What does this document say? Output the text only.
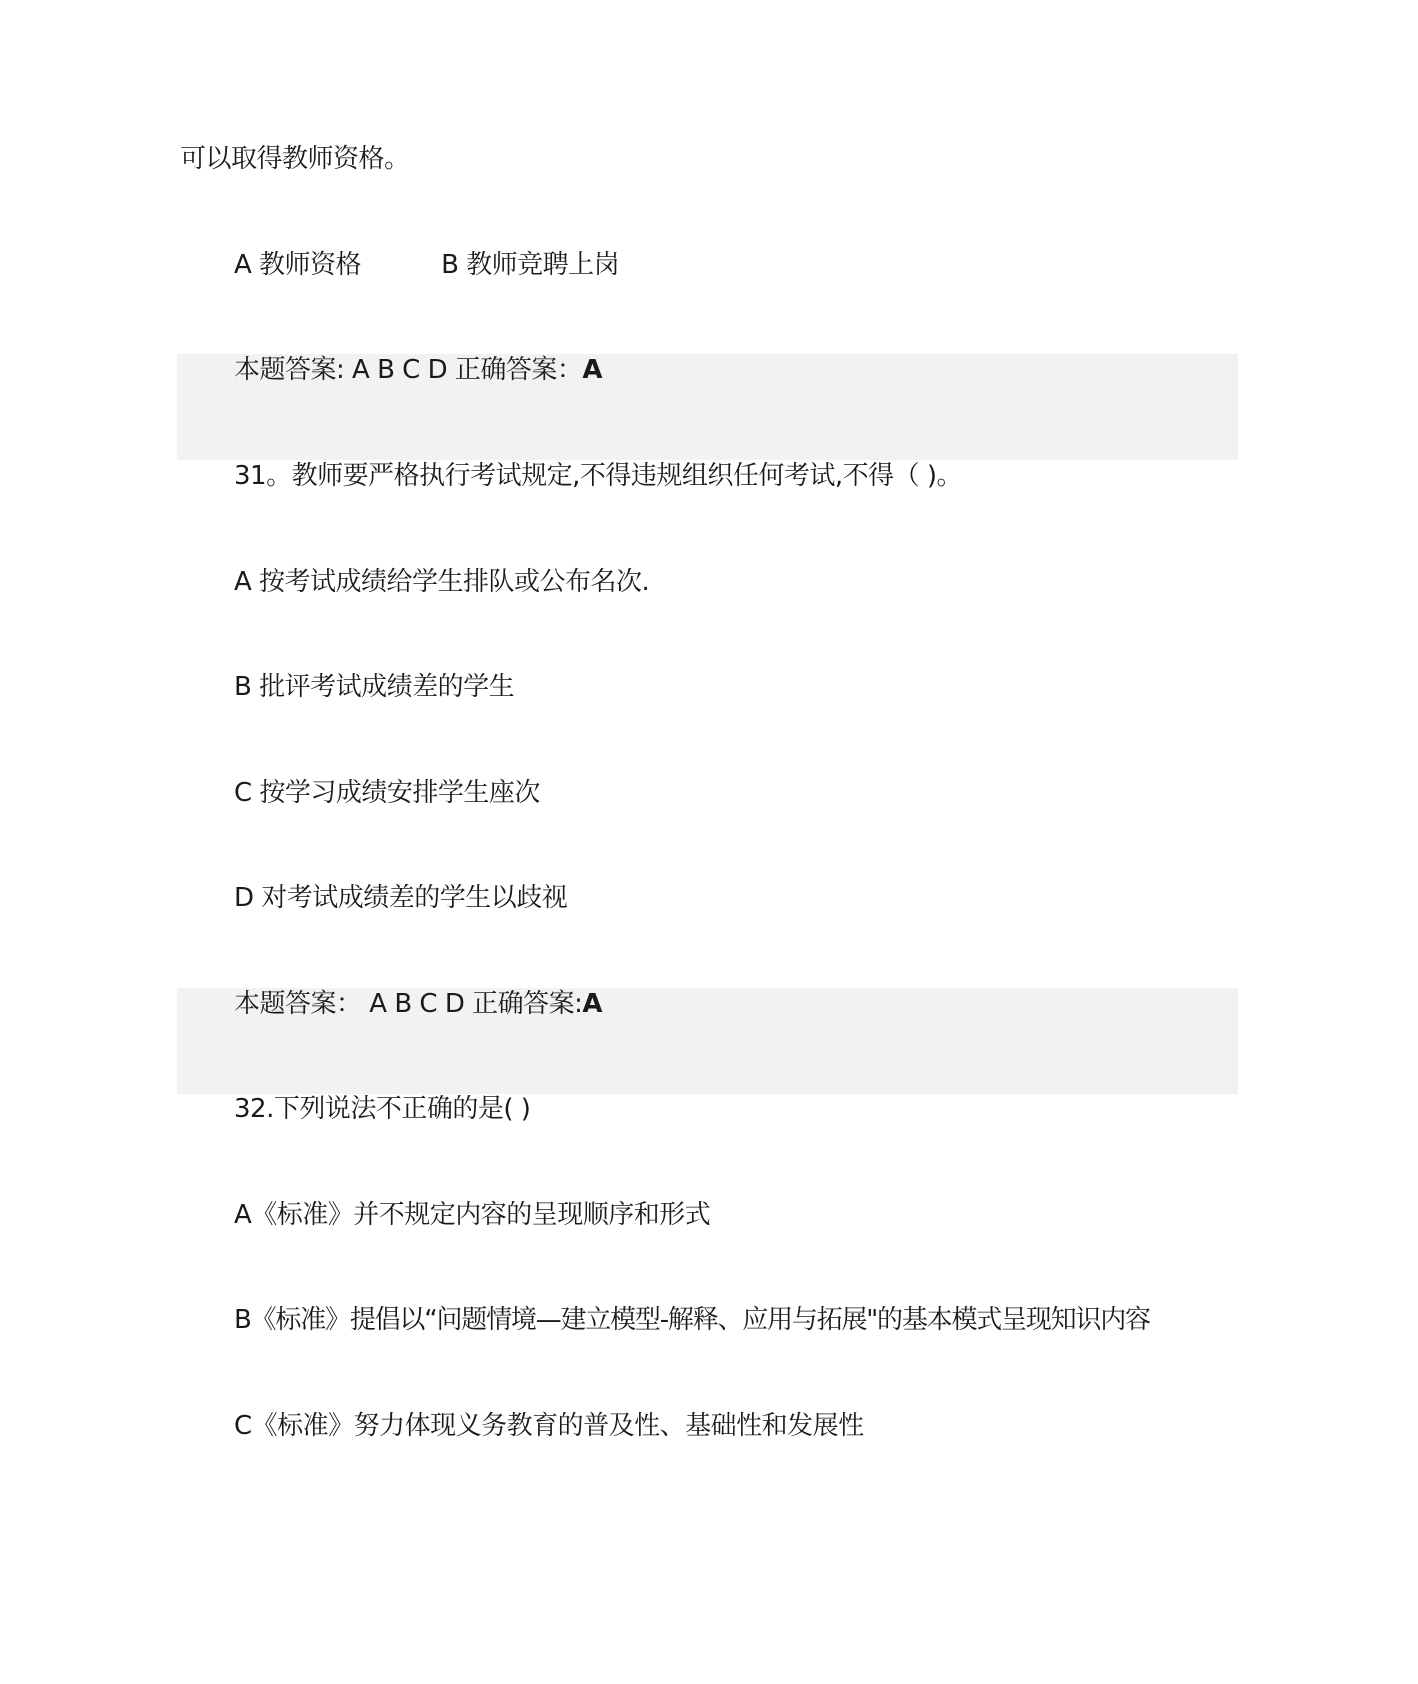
可以取得教师资格。
A 教师资格	B 教师竞聘上岗
本题答案: A B C D 正确答案：A
31。教师要严格执行考试规定,不得违规组织任何考试,不得（ )。
A 按考试成绩给学生排队或公布名次.
B 批评考试成绩差的学生
C 按学习成绩安排学生座次
D 对考试成绩差的学生以歧视
本题答案： A B C D 正确答案:A
32.下列说法不正确的是( )
A《标准》并不规定内容的呈现顺序和形式
B《标准》提倡以“问题情境—建立模型-解释、应用与拓展"的基本模式呈现知识内容
C《标准》努力体现义务教育的普及性、基础性和发展性
